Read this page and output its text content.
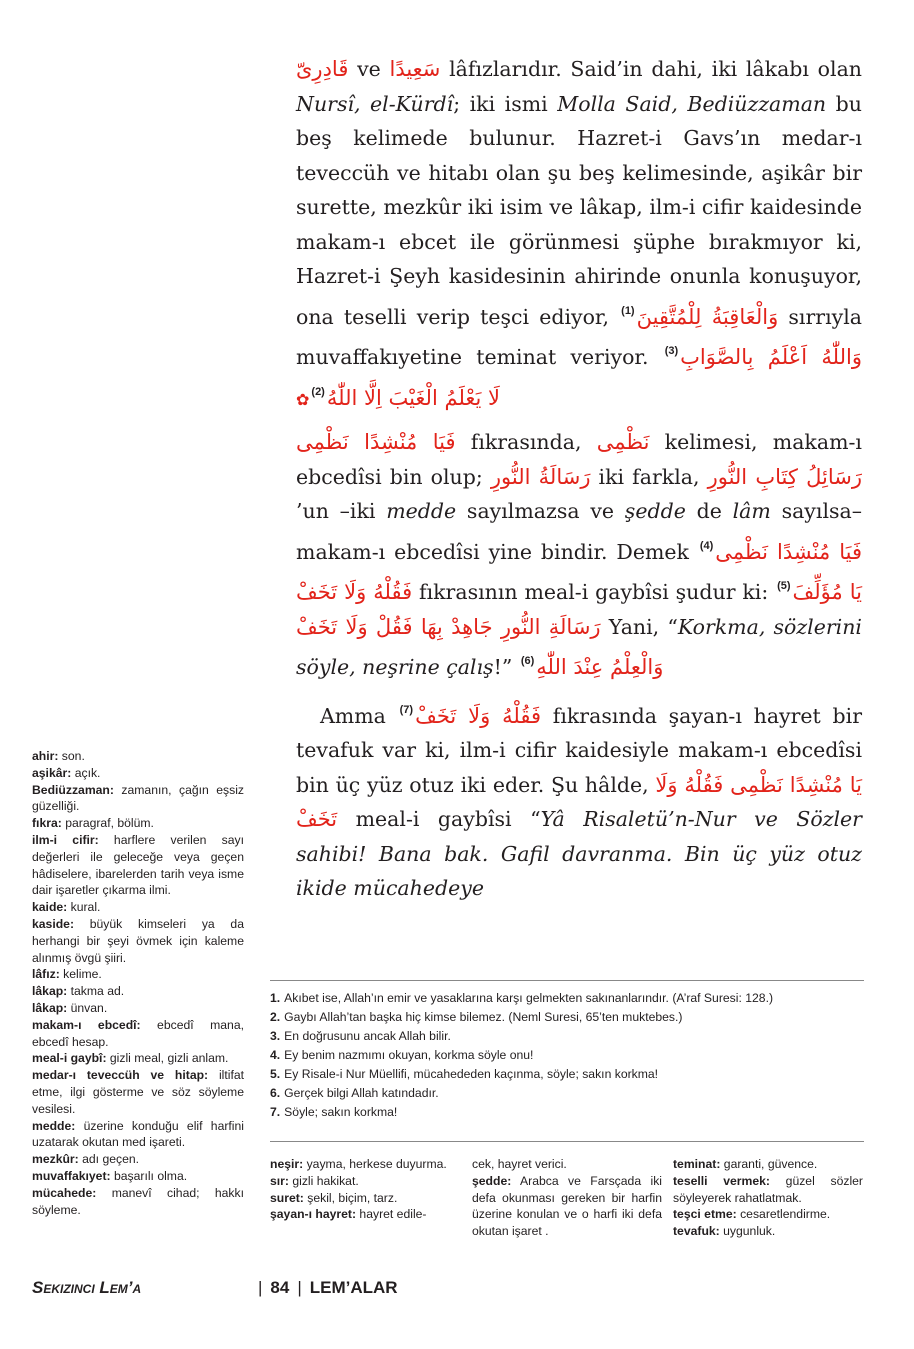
قَادِرِىّ ve سَعِيدًا lâfızlarıdır. Said’in dahi, iki lâkabı olan Nursî, el-Kürdî; iki ismi Molla Said, Bediüzzaman bu beş kelimede bulunur. Hazret-i Gavs’ın medar-ı teveccüh ve hitabı olan şu beş kelimesinde, aşikâr bir surette, mezkûr iki isim ve lâkap, ilm-i cifir kaidesinde makam-ı ebcet ile görünmesi şüphe bırakmıyor ki, Hazret-i Şeyh kasidesinin ahirinde onunla konuşuyor, ona teselli verip teşci ediyor, $^{(1)}$وَالْعَاقِبَةُ لِلْمُتَّقِينَ sırrıyla muvaffakıyetine teminat veriyor. $^{(3)}$وَاللّٰهُ اَعْلَمُ بِالصَّوَابِ ✿ $^{(2)}$لَا يَعْلَمُ الْغَيْبَ اِلَّا اللّٰهُ

فَيَا مُنْشِدًا نَظْمِى fıkrasında, نَظْمِى kelimesi, makam-ı ebcedîsi bin olup; رَسَالَةُ النُّورِ iki farkla, رَسَائِلُ كِتَابِ النُّورِ ’un –iki medde sayılmazsa ve şedde de lâm sayılsa– makam-ı ebcedîsi yine bindir. Demek $^{(4)}$فَيَا مُنْشِدًا نَظْمِى فَقُلْهُ وَلَا تَخَفْ fıkrasının meal-i gaybîsi şudur ki: $^{(5)}$يَا مُؤَلِّفَ رَسَالَةِ النُّورِ جَاهِدْ بِهَا فَقُلْ وَلَا تَخَفْ Yani, “Korkma, sözlerini söyle, neşrine çalış!” $^{(6)}$وَالْعِلْمُ عِنْدَ اللّٰهِ

Amma $^{(7)}$فَقُلْهُ وَلَا تَخَفْ fıkrasında şayan-ı hayret bir tevafuk var ki, ilm-i cifir kaidesiyle makam-ı ebcedîsi bin üç yüz otuz iki eder. Şu hâlde, يَا مُنْشِدًا نَظْمِى فَقُلْهُ وَلَا تَخَفْ meal-i gaybîsi “Yâ Risaletü’n-Nur ve Sözler sahibi! Bana bak. Gafil davranma. Bin üç yüz otuz ikide mücahedeye

1. Akıbet ise, Allah’ın emir ve yasaklarına karşı gelmekten sakınanlarındır. (A’raf Suresi: 128.)
2. Gaybı Allah’tan başka hiç kimse bilemez. (Neml Suresi, 65’ten muktebes.)
3. En doğrusunu ancak Allah bilir.
4. Ey benim nazmımı okuyan, korkma söyle onu!
5. Ey Risale-i Nur Müellifi, mücahededen kaçınma, söyle; sakın korkma!
6. Gerçek bilgi Allah katındadır.
7. Söyle; sakın korkma!

ahir: son.

aşikâr: açık.

Bediüzzaman: zamanın, çağın eşsiz güzelliği.

fıkra: paragraf, bölüm.

ilm-i cifir: harflere verilen sayı değerleri ile geleceğe veya geçen hâdiselere, ibarelerden tarih veya isme dair işaretler çıkarma ilmi.

kaide: kural.

kaside: büyük kimseleri ya da herhangi bir şeyi övmek için kaleme alınmış övgü şiiri.

lâfız: kelime.

lâkap: takma ad.

lâkap: ünvan.

makam-ı ebcedî: ebcedî mana, ebcedî hesap.

meal-i gaybî: gizli meal, gizli anlam.

medar-ı teveccüh ve hitap: iltifat etme, ilgi gösterme ve söz söyleme vesilesi.

medde: üzerine konduğu elif harfini uzatarak okutan med işareti.

mezkûr: adı geçen.

muvaffakıyet: başarılı olma.

mücahede: manevî cihad; hakkı söyleme.

neşir: yayma, herkese duyurma.

sır: gizli hakikat.

suret: şekil, biçim, tarz.

şayan-ı hayret: hayret edile-

cek, hayret verici.

şedde: Arabca ve Farsçada iki defa okunması gereken bir harfin üzerine konulan ve o harfi iki defa okutan işaret .

teminat: garanti, güvence.

teselli vermek: güzel sözler söyleyerek rahatlatmak.

teşci etme: cesaretlendirme.

tevafuk: uygunluk.

Sekizinci Lem’a	| 84 | LEM’ALAR
